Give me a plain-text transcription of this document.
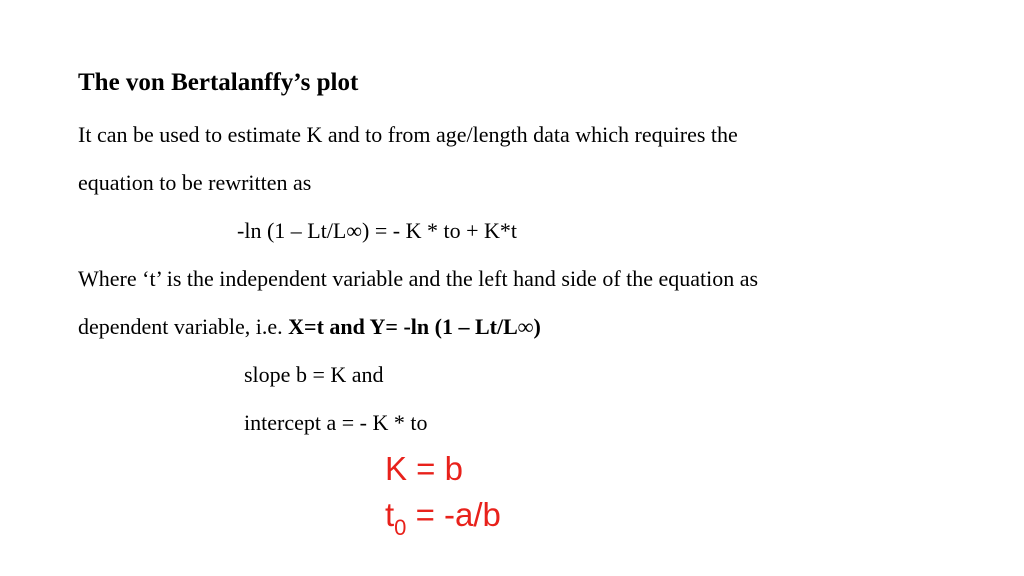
The von Bertalanffy’s plot
It can be used to estimate K and to from age/length data which requires the
equation to be rewritten as
-ln (1 – Lt/L∞) = - K * to + K*t
Where ‘t’ is the independent variable and the left hand side of the equation as
dependent variable, i.e. X=t and Y= -ln (1 – Lt/L∞)
slope b = K and
intercept a = - K * to
K = b
$t_0 = -a/b$
